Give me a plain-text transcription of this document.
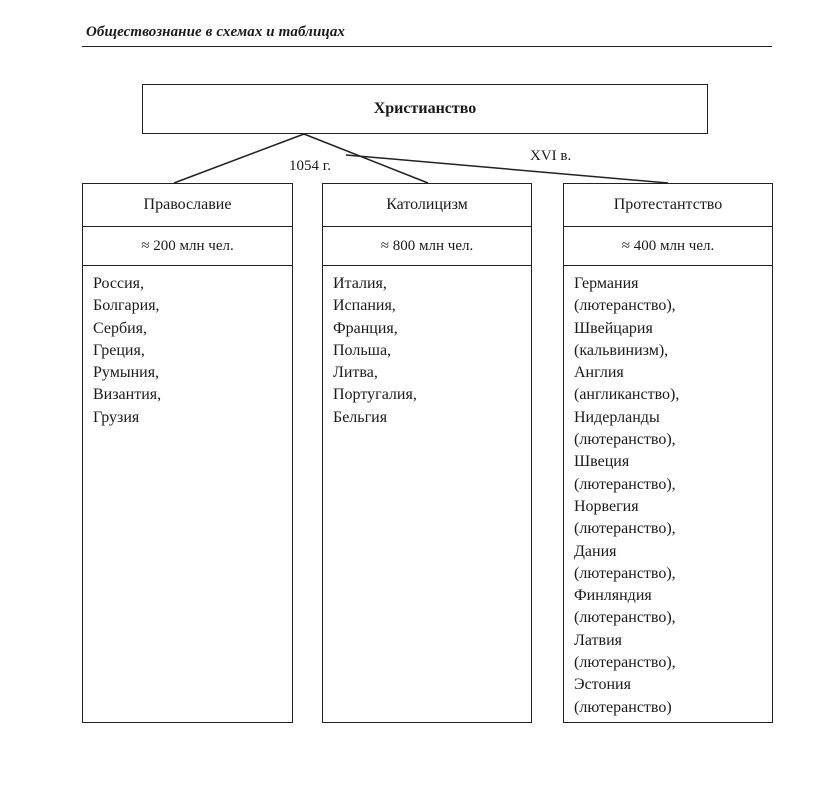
Обществознание в схемах и таблицах
1054 г.
XVI в.
Христианство
Православие
≈ 200 млн чел.
Россия,
Болгария,
Сербия,
Греция,
Румыния,
Византия,
Грузия
Католицизм
≈ 800 млн чел.
Италия,
Испания,
Франция,
Польша,
Литва,
Португалия,
Бельгия
Протестантство
≈ 400 млн чел.
Германия
(лютеранство),
Швейцария
(кальвинизм),
Англия
(англиканство),
Нидерланды
(лютеранство),
Швеция
(лютеранство),
Норвегия
(лютеранство),
Дания
(лютеранство),
Финляндия
(лютеранство),
Латвия
(лютеранство),
Эстония
(лютеранство)
